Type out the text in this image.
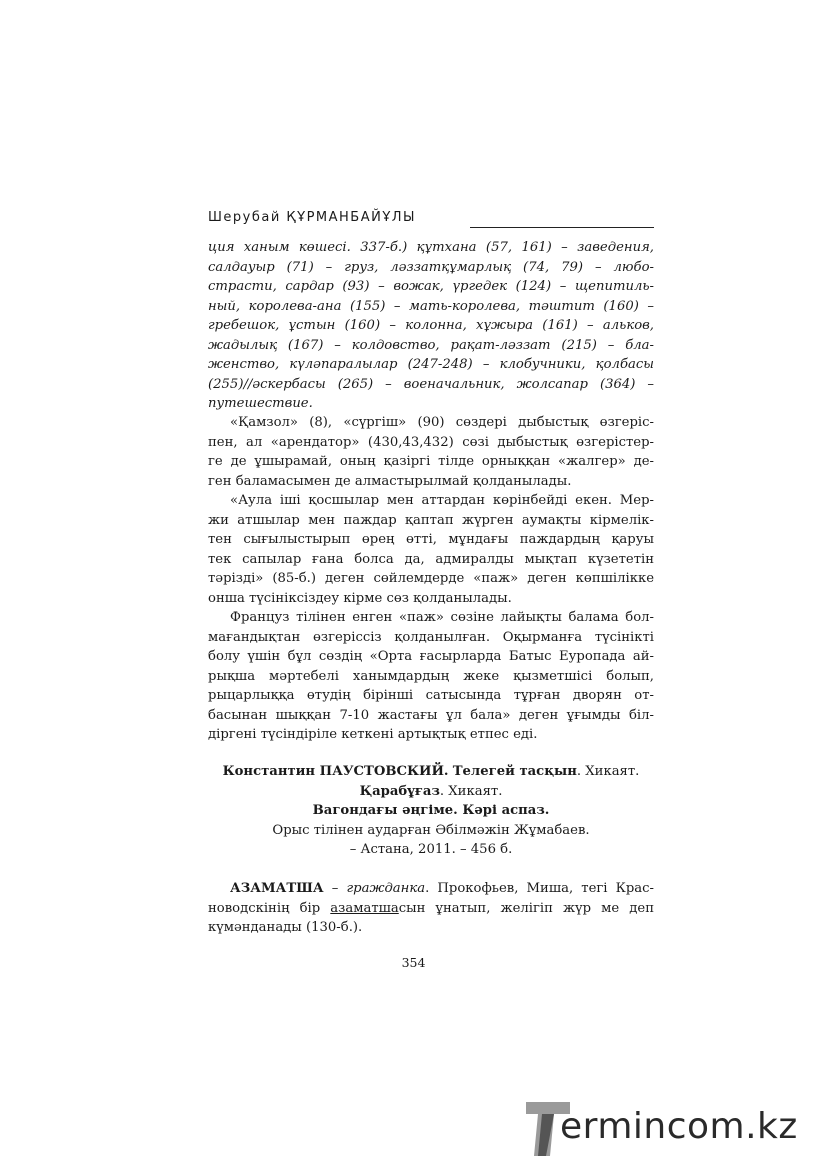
Шерубай ҚҰРМАНБАЙҰЛЫ
ция ханым көшесі. 337-б.) құтхана (57, 161) – заведения,
салдауыр (71) – груз, ләззатқұмарлық (74, 79) – любо-
страсти, сардар (93) – вожак, үргедек (124) – щепитиль-
ный, королева-ана (155) – мать-королева, тәштит (160) –
гребешок, ұстын (160) – колонна, хұжыра (161) – альков,
жадылық (167) – колдовство, рақат-ләззат (215) – бла-
женство, күләпаралылар (247-248) – клобучники, қолбасы
(255)//әскербасы (265) – военачальник, жолсапар (364) –
путешествие.
«Қамзол» (8), «сүргіш» (90) сөздері дыбыстық өзгеріс-
пен, ал «арендатор» (430,43,432) сөзі дыбыстық өзгерістер-
ге де ұшырамай, оның қазіргі тілде орныққан «жалгер» де-
ген баламасымен де алмастырылмай қолданылады.
«Аула іші қосшылар мен аттардан көрінбейді екен. Мер-
жи атшылар мен паждар қаптап жүрген аумақты кірмелік-
тен сығылыстырып өрең өтті, мұндағы паждардың қаруы
тек сапылар ғана болса да, адмиралды мықтап күзететін
тәрізді» (85-б.) деген сөйлемдерде «паж» деген көпшілікке
онша түсініксіздеу кірме сөз қолданылады.
Француз тілінен енген «паж» сөзіне лайықты балама бол-
мағандықтан өзгеріссіз қолданылған. Оқырманға түсінікті
болу үшін бұл сөздің «Орта ғасырларда Батыс Еуропада ай-
рықша мәртебелі ханымдардың жеке қызметшісі болып,
рыцарлыққа өтудің бірінші сатысында тұрған дворян от-
басынан шыққан 7-10 жастағы ұл бала» деген ұғымды біл-
діргені түсіндіріле кеткені артықтық етпес еді.
Константин ПАУСТОВСКИЙ. Телегей тасқын. Хикаят.
Қарабұғаз. Хикаят.
Вагондағы әңгіме. Кәрі аспаз.
Орыс тілінен аударған Әбілмәжін Жұмабаев.
– Астана, 2011. – 456 б.
АЗАМАТША – гражданка. Прокофьев, Миша, тегі Крас-
новодскінің бір азаматшасын ұнатып, желігіп жүр ме деп
күмәнданады (130-б.).
354
ermincom.kz
